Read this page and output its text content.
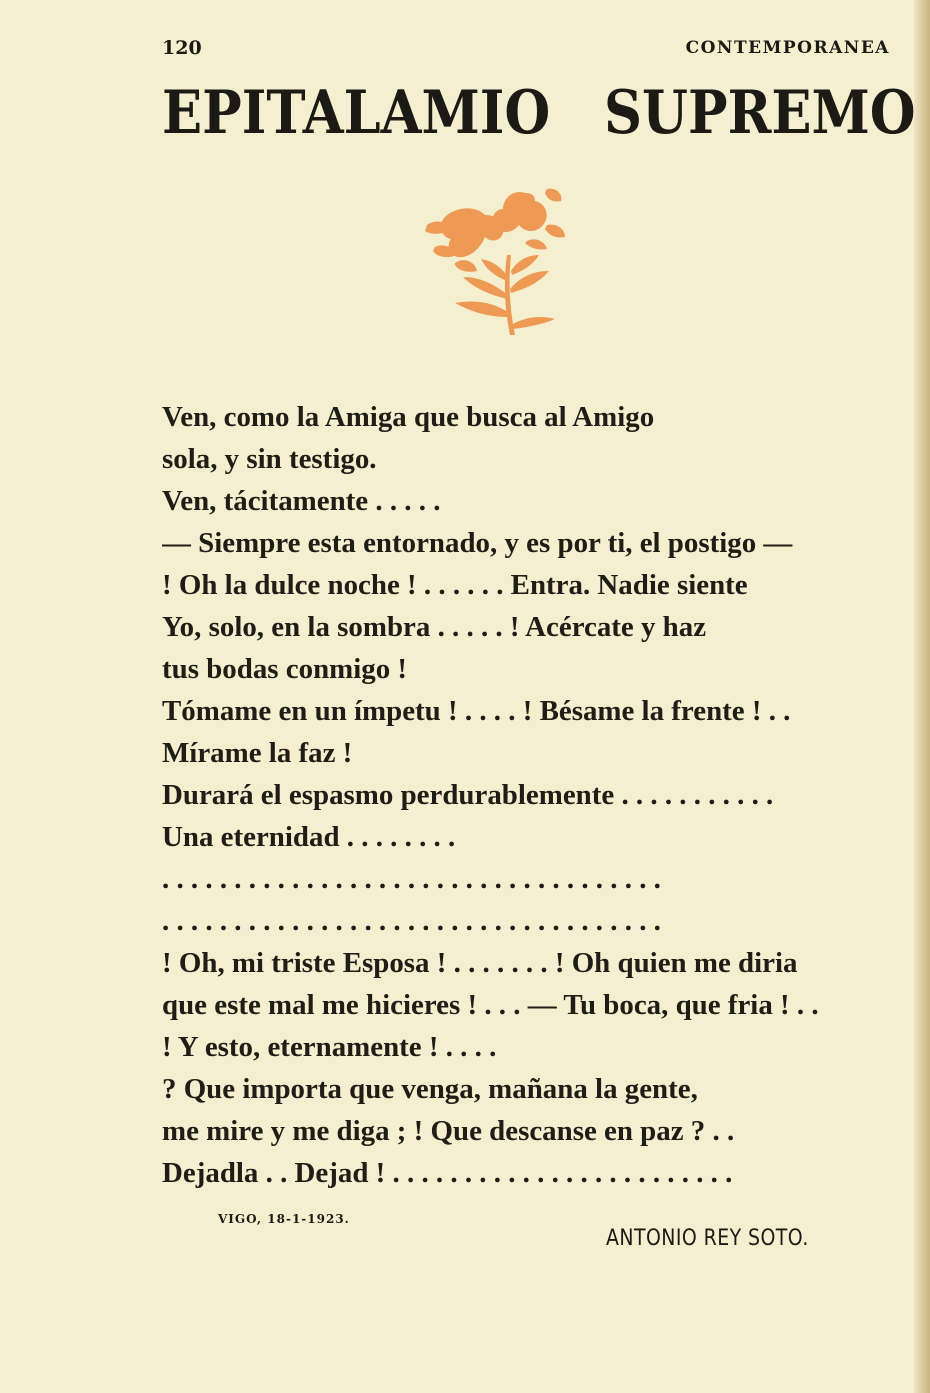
120	CONTEMPORANEA
EPITALAMIO SUPREMO
Ven, como la Amiga que busca al Amigo
sola, y sin testigo.
Ven, tácitamente . . . . .
— Siempre esta entornado, y es por ti, el postigo —
! Oh la dulce noche ! . . . . . . Entra. Nadie siente
Yo, solo, en la sombra . . . . . ! Acércate y haz
tus bodas conmigo !
Tómame en un ímpetu ! . . . . ! Bésame la frente ! . .
Mírame la faz !
Durará el espasmo perdurablemente . . . . . . . . . . .
Una eternidad . . . . . . . .
. . . . . . . . . . . . . . . . . . . . . . . . . . . . . . . . . . .
. . . . . . . . . . . . . . . . . . . . . . . . . . . . . . . . . . .
! Oh, mi triste Esposa ! . . . . . . . ! Oh quien me diria
que este mal me hicieres ! . . . — Tu boca, que fria ! . .
! Y esto, eternamente ! . . . .
? Que importa que venga, mañana la gente,
me mire y me diga ; ! Que descanse en paz ? . .
Dejadla . . Dejad ! . . . . . . . . . . . . . . . . . . . . . . . .
VIGO, 18-1-1923.
ANTONIO REY SOTO.
